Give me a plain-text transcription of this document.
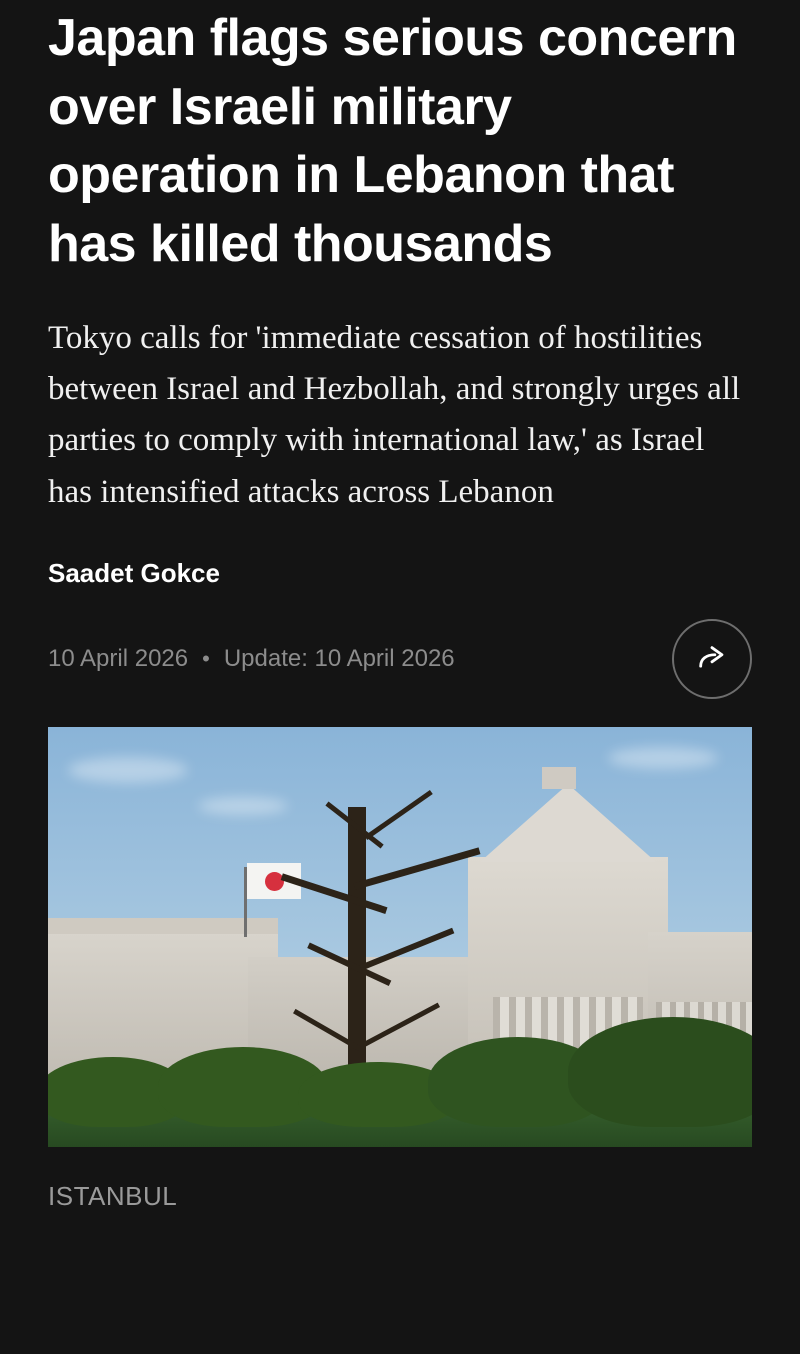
Japan flags serious concern over Israeli military operation in Lebanon that has killed thousands

Tokyo calls for 'immediate cessation of hostilities between Israel and Hezbollah, and strongly urges all parties to comply with international law,' as Israel has intensified attacks across Lebanon

Saadet Gokce
10 April 2026 • Update: 10 April 2026
ISTANBUL
